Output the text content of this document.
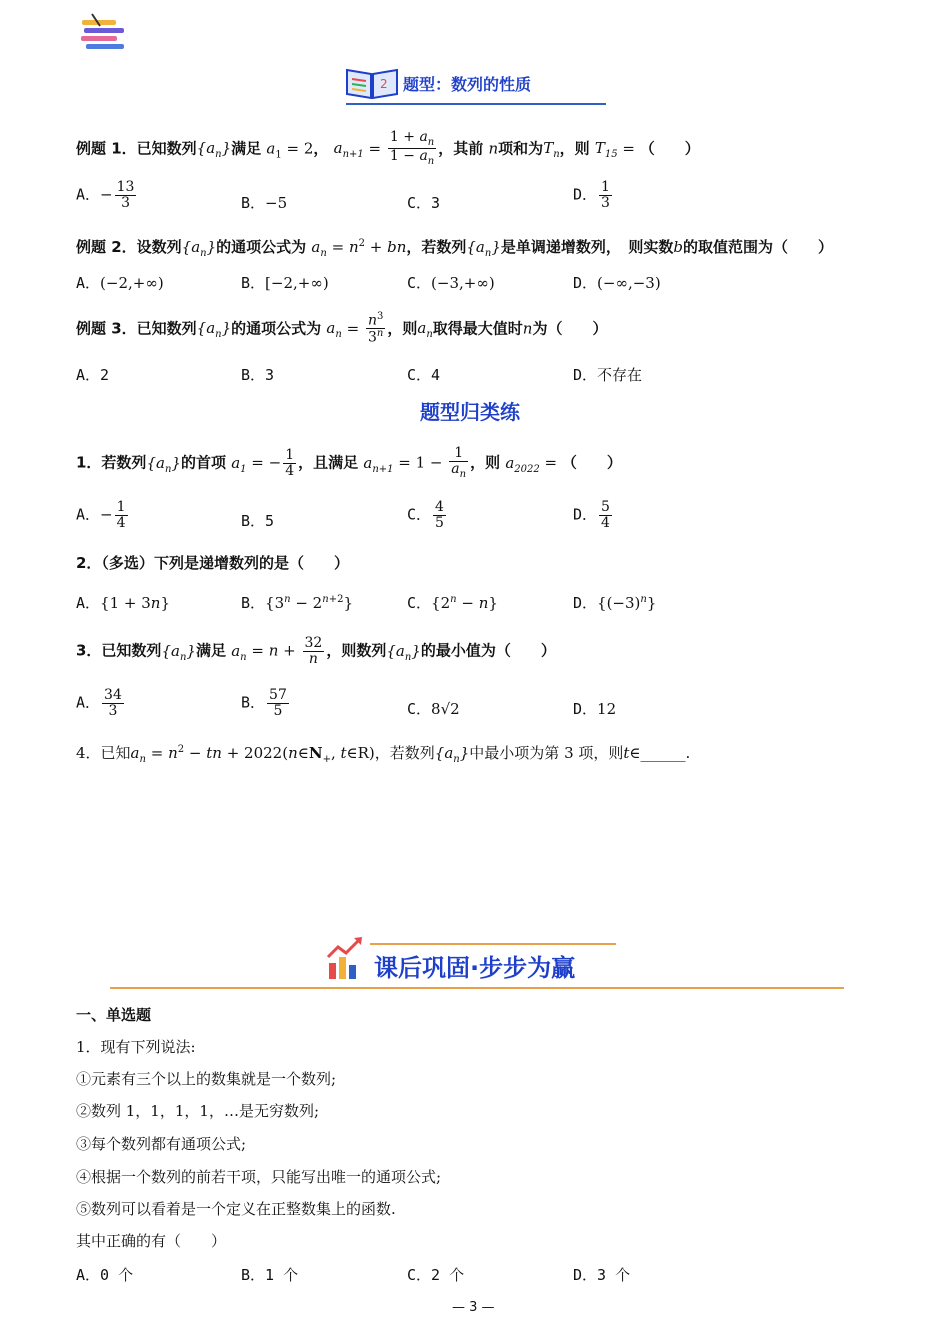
2 题型：数列的性质
例题 1．已知数列$\{a_n\}$满足 $a_1 = 2$， $a_{n+1} = \frac{1 + a_n}{1 - a_n}$ ，其前 n项和为$T_n$，则 $T_{15}$ = （　　）
A．− $\frac{13}{3}$	B．−5	C．3	D． $\frac{1}{3}$
例题 2．设数列$\{a_n\}$的通项公式为 $a_n = n^2$ + bn，若数列$\{a_n\}$是单调递增数列，　则实数b的取值范围为（　　）
A．(−2,+∞)	B．[−2,+∞)	C．(−3,+∞)	D．(−∞,−3)
例题 3．已知数列$\{a_n\}$的通项公式为 $a_n = \frac{n^3}{3^n}$ ，则$a_n$取得最大值时n为（　　）
A．2	B．3	C．4	D．不存在
题型归类练
1．若数列$\{a_n\}$的首项 $a_1$ = − $\frac{1}{4}$ ，且满足 $a_{n+1} = 1 - \frac{1}{a_n}$ ，则 $a_{2022}$ = （　　）
A．− $\frac{1}{4}$	B．5	C． $\frac{4}{5}$	D． $\frac{5}{4}$
2．（多选）下列是递增数列的是（　　）
A．{1 + 3n}	B．$\{3^n - 2^{n+2}\}$	C．$\{2^n - n\}$	D．$\{(-3)^n\}$
3．已知数列$\{a_n\}$满足 $a_n = n + \frac{32}{n}$ ，则数列$\{a_n\}$的最小值为（　　）
A． $\frac{34}{3}$	B． $\frac{57}{5}$	C．8√2	D．12
4．已知$a_n = n^2$ − tn + $2022(n\in N_+$, t∈R)，若数列$\{a_n\}$中最小项为第 3 项，则t∈______.
课后巩固·步步为赢
一、单选题
1．现有下列说法:
①元素有三个以上的数集就是一个数列;
②数列 1，1，1，1，…是无穷数列;
③每个数列都有通项公式;
④根据一个数列的前若干项，只能写出唯一的通项公式;
⑤数列可以看着是一个定义在正整数集上的函数.
其中正确的有（　　）
A．0 个	B．1 个	C．2 个	D．3 个
— 3 —
